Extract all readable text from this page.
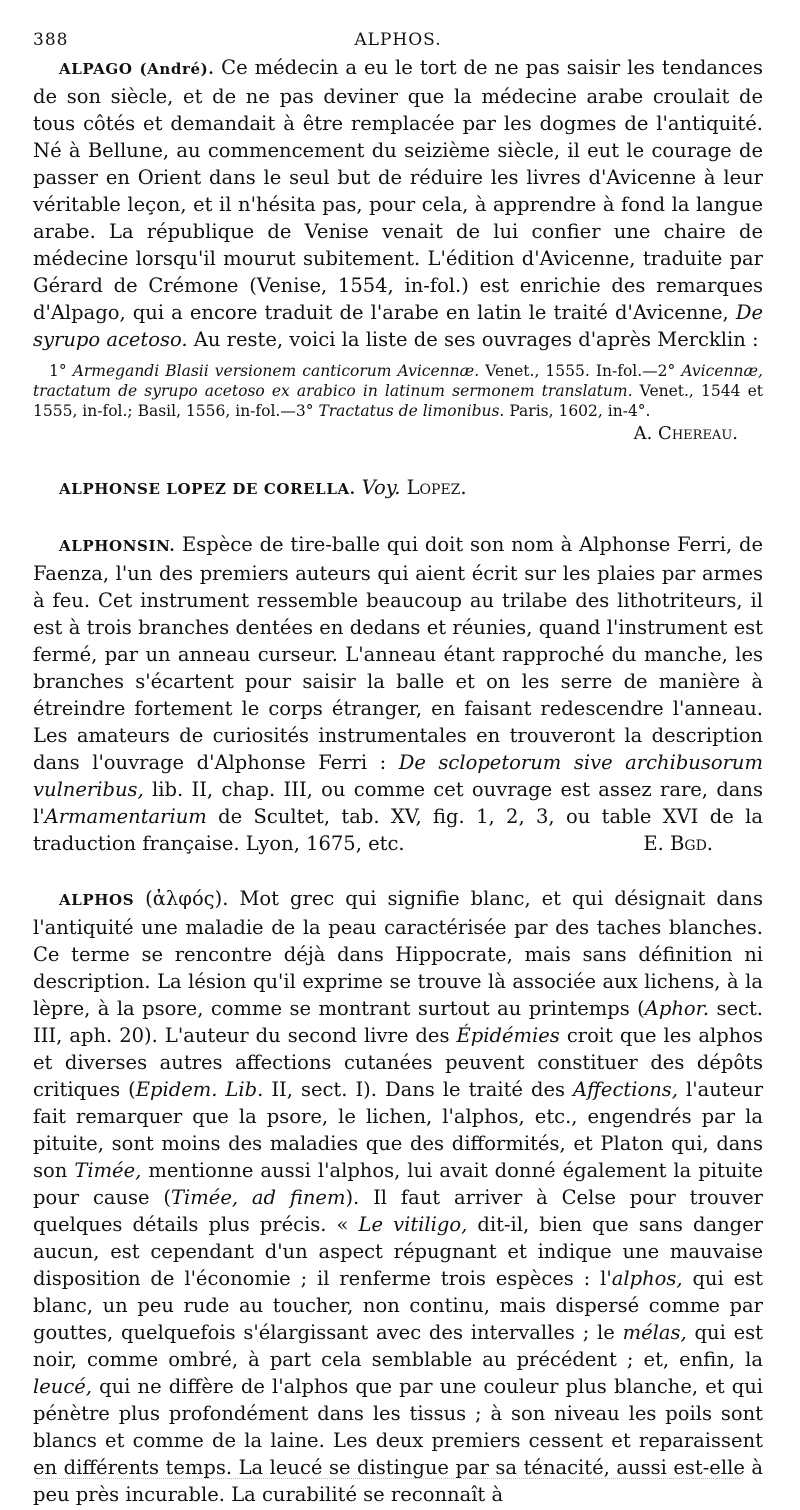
388	ALPHOS.

ALPAGO (André). Ce médecin a eu le tort de ne pas saisir les tendances de son siècle, et de ne pas deviner que la médecine arabe croulait de tous côtés et demandait à être remplacée par les dogmes de l'antiquité. Né à Bellune, au commencement du seizième siècle, il eut le courage de passer en Orient dans le seul but de réduire les livres d'Avicenne à leur véritable leçon, et il n'hésita pas, pour cela, à apprendre à fond la langue arabe. La république de Venise venait de lui confier une chaire de médecine lorsqu'il mourut subitement. L'édition d'Avicenne, traduite par Gérard de Crémone (Venise, 1554, in-fol.) est enrichie des remarques d'Alpago, qui a encore traduit de l'arabe en latin le traité d'Avicenne, De syrupo acetoso. Au reste, voici la liste de ses ouvrages d'après Mercklin :

1° Armegandi Blasii versionem canticorum Avicennæ. Venet., 1555. In-fol.—2° Avicennæ, tractatum de syrupo acetoso ex arabico in latinum sermonem translatum. Venet., 1544 et 1555, in-fol.; Basil, 1556, in-fol.—3° Tractatus de limonibus. Paris, 1602, in-4°.

A. Chereau.

ALPHONSE LOPEZ DE CORELLA. Voy. Lopez.

ALPHONSIN. Espèce de tire-balle qui doit son nom à Alphonse Ferri, de Faenza, l'un des premiers auteurs qui aient écrit sur les plaies par armes à feu. Cet instrument ressemble beaucoup au trilabe des lithotriteurs, il est à trois branches dentées en dedans et réunies, quand l'instrument est fermé, par un anneau curseur. L'anneau étant rapproché du manche, les branches s'écartent pour saisir la balle et on les serre de manière à étreindre fortement le corps étranger, en faisant redescendre l'anneau. Les amateurs de curiosités instrumentales en trouveront la description dans l'ouvrage d'Alphonse Ferri : De sclopetorum sive archibusorum vulneribus, lib. II, chap. III, ou comme cet ouvrage est assez rare, dans l'Armamentarium de Scultet, tab. XV, fig. 1, 2, 3, ou table XVI de la traduction française. Lyon, 1675, etc.	E. Bgd.

ALPHOS (ἀλφός). Mot grec qui signifie blanc, et qui désignait dans l'antiquité une maladie de la peau caractérisée par des taches blanches. Ce terme se rencontre déjà dans Hippocrate, mais sans définition ni description. La lésion qu'il exprime se trouve là associée aux lichens, à la lèpre, à la psore, comme se montrant surtout au printemps (Aphor. sect. III, aph. 20). L'auteur du second livre des Épidémies croit que les alphos et diverses autres affections cutanées peuvent constituer des dépôts critiques (Epidem. Lib. II, sect. I). Dans le traité des Affections, l'auteur fait remarquer que la psore, le lichen, l'alphos, etc., engendrés par la pituite, sont moins des maladies que des difformités, et Platon qui, dans son Timée, mentionne aussi l'alphos, lui avait donné également la pituite pour cause (Timée, ad finem). Il faut arriver à Celse pour trouver quelques détails plus précis. « Le vitiligo, dit-il, bien que sans danger aucun, est cependant d'un aspect répugnant et indique une mauvaise disposition de l'économie ; il renferme trois espèces : l'alphos, qui est blanc, un peu rude au toucher, non continu, mais dispersé comme par gouttes, quelquefois s'élargissant avec des intervalles ; le mélas, qui est noir, comme ombré, à part cela semblable au précédent ; et, enfin, la leucé, qui ne diffère de l'alphos que par une couleur plus blanche, et qui pénètre plus profondément dans les tissus ; à son niveau les poils sont blancs et comme de la laine. Les deux premiers cessent et reparaissent en différents temps. La leucé se distingue par sa ténacité, aussi est-elle à peu près incurable. La curabilité se reconnaît à
